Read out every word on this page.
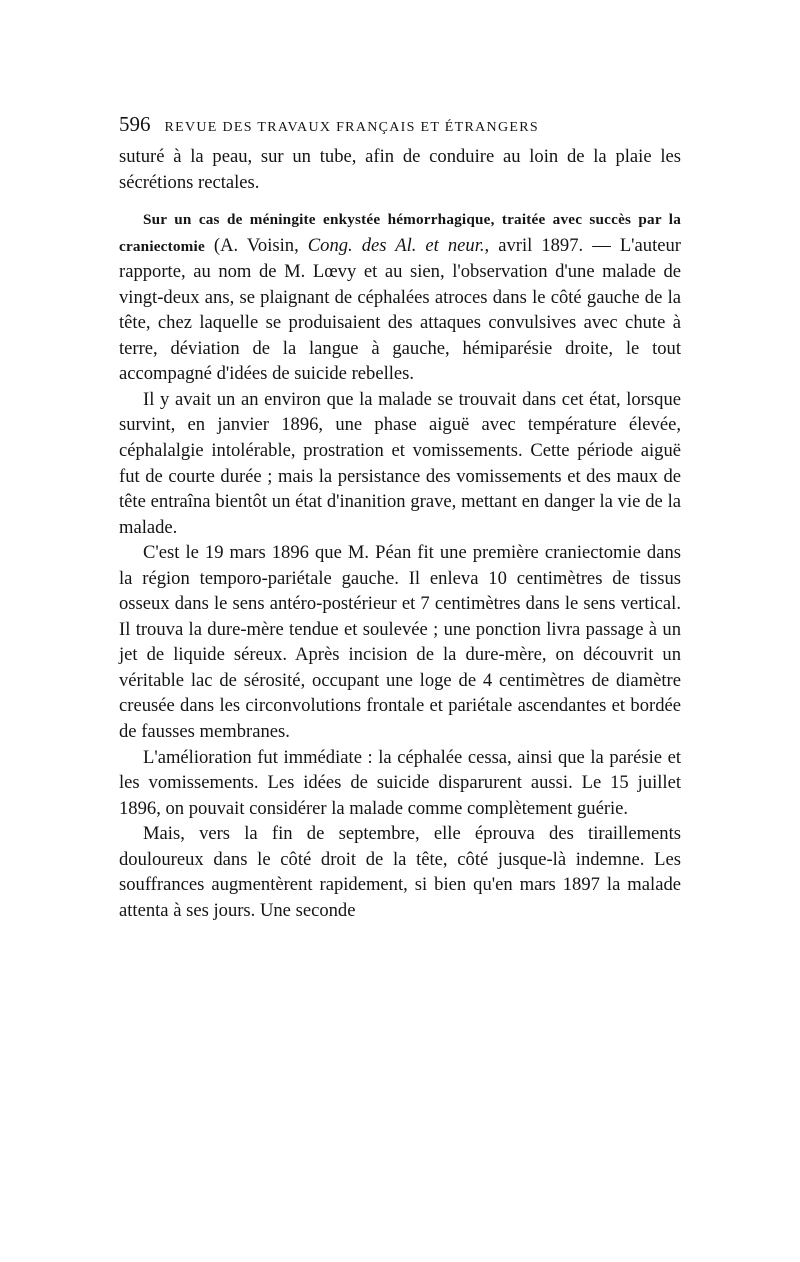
596 REVUE DES TRAVAUX FRANÇAIS ET ÉTRANGERS

suturé à la peau, sur un tube, afin de conduire au loin de la plaie les sécrétions rectales.

Sur un cas de méningite enkystée hémorrhagique, traitée avec succès par la craniectomie (A. Voisin, Cong. des Al. et neur., avril 1897. — L'auteur rapporte, au nom de M. Lœvy et au sien, l'observation d'une malade de vingt-deux ans, se plaignant de céphalées atroces dans le côté gauche de la tête, chez laquelle se produisaient des attaques convulsives avec chute à terre, déviation de la langue à gauche, hémiparésie droite, le tout accompagné d'idées de suicide rebelles.

Il y avait un an environ que la malade se trouvait dans cet état, lorsque survint, en janvier 1896, une phase aiguë avec température élevée, céphalalgie intolérable, prostration et vomissements. Cette période aiguë fut de courte durée ; mais la persistance des vomissements et des maux de tête entraîna bientôt un état d'inanition grave, mettant en danger la vie de la malade.

C'est le 19 mars 1896 que M. Péan fit une première craniectomie dans la région temporo-pariétale gauche. Il enleva 10 centimètres de tissus osseux dans le sens antéro-postérieur et 7 centimètres dans le sens vertical. Il trouva la dure-mère tendue et soulevée ; une ponction livra passage à un jet de liquide séreux. Après incision de la dure-mère, on découvrit un véritable lac de sérosité, occupant une loge de 4 centimètres de diamètre creusée dans les circonvolutions frontale et pariétale ascendantes et bordée de fausses membranes.

L'amélioration fut immédiate : la céphalée cessa, ainsi que la parésie et les vomissements. Les idées de suicide disparurent aussi. Le 15 juillet 1896, on pouvait considérer la malade comme complètement guérie.

Mais, vers la fin de septembre, elle éprouva des tiraillements douloureux dans le côté droit de la tête, côté jusque-là indemne. Les souffrances augmentèrent rapidement, si bien qu'en mars 1897 la malade attenta à ses jours. Une seconde
